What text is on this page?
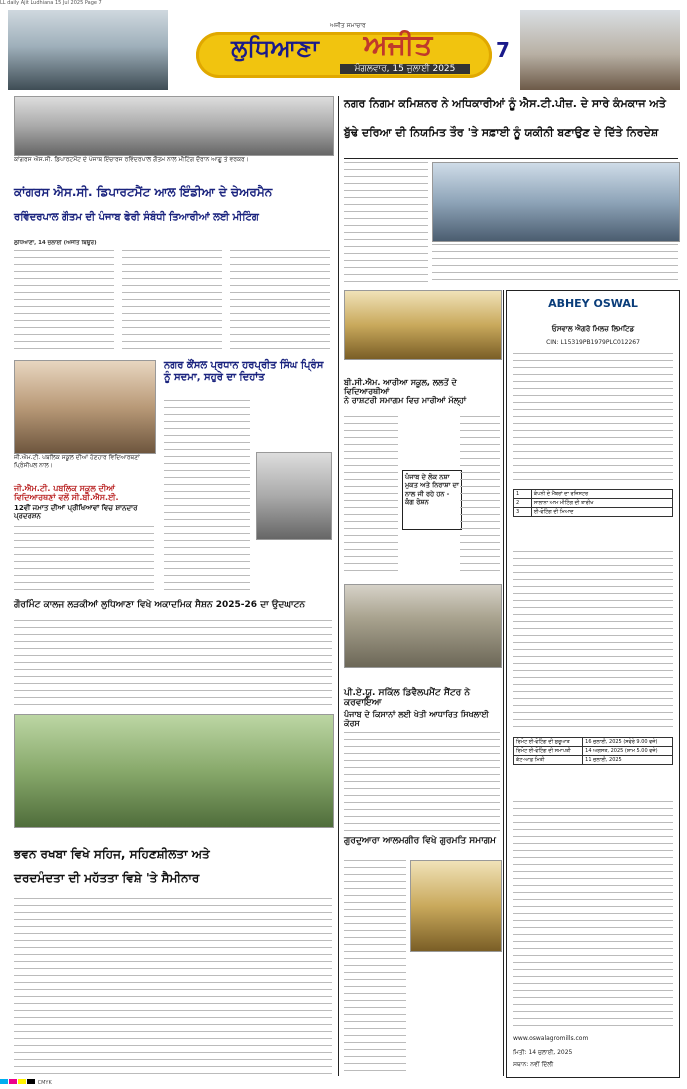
LL daily Ajit Ludhiana 15 Jul 2025 Page 7
ਅਜੀਤ ਸਮਾਚਾਰ
ਲੁਧਿਆਣਾ	ਅਜੀਤ
ਮੰਗਲਵਾਰ, 15 ਜੁਲਾਈ 2025
7
ਕਾਂਗਰਸ ਐਸ.ਸੀ. ਡਿਪਾਰਟਮੈਂਟ ਦੇ ਪੰਜਾਬ ਇੰਚਾਰਜ ਰਵਿੰਦਰਪਾਲ ਗੌਤਮ ਨਾਲ ਮੀਟਿੰਗ ਦੌਰਾਨ ਆਗੂ ਤੇ ਵਰਕਰ।
ਨਗਰ ਨਿਗਮ ਕਮਿਸ਼ਨਰ ਨੇ ਅਧਿਕਾਰੀਆਂ ਨੂੰ ਐਸ.ਟੀ.ਪੀਜ਼. ਦੇ ਸਾਰੇ ਕੰਮਕਾਜ ਅਤੇ
ਬੁੱਢੇ ਦਰਿਆ ਦੀ ਨਿਯਮਿਤ ਤੌਰ 'ਤੇ ਸਫ਼ਾਈ ਨੂੰ ਯਕੀਨੀ ਬਣਾਉਣ ਦੇ ਦਿੱਤੇ ਨਿਰਦੇਸ਼
ਕਾਂਗਰਸ ਐਸ.ਸੀ. ਡਿਪਾਰਟਮੈਂਟ ਆਲ ਇੰਡੀਆ ਦੇ ਚੇਅਰਮੈਨ
ਰਵਿੰਦਰਪਾਲ ਗੌਤਮ ਦੀ ਪੰਜਾਬ ਫੇਰੀ ਸੰਬੰਧੀ ਤਿਆਰੀਆਂ ਲਈ ਮੀਟਿੰਗ
ਲੁਧਿਆਣਾ, 14 ਜੁਲਾਈ (ਅਜੀਤ ਬਿਊਰੋ)
ਜੀ.ਐਮ.ਟੀ. ਪਬਲਿਕ ਸਕੂਲ ਦੀਆਂ ਹੋਣਹਾਰ ਵਿਦਿਆਰਥਣਾਂ ਪ੍ਰਿੰਸੀਪਲ ਨਾਲ।
ਜੀ.ਐਮ.ਟੀ. ਪਬਲਿਕ ਸਕੂਲ ਦੀਆਂ ਵਿਦਿਆਰਥਣਾਂ ਵਲੋਂ ਸੀ.ਬੀ.ਐਸ.ਈ.
12ਵੀਂ ਜਮਾਤ ਦੀਆਂ ਪ੍ਰੀਖਿਆਵਾਂ ਵਿਚ ਸ਼ਾਨਦਾਰ ਪ੍ਰਦਰਸ਼ਨ
ਨਗਰ ਕੌਂਸਲ ਪ੍ਰਧਾਨ ਹਰਪ੍ਰੀਤ ਸਿੰਘ ਪ੍ਰਿੰਸ ਨੂੰ ਸਦਮਾ, ਸਹੁਰੇ ਦਾ ਦਿਹਾਂਤ
ਗੌਰਮਿੰਟ ਕਾਲਜ ਲੜਕੀਆਂ ਲੁਧਿਆਣਾ ਵਿਖੇ ਅਕਾਦਮਿਕ ਸੈਸ਼ਨ 2025-26 ਦਾ ਉਦਘਾਟਨ
ਭਵਨ ਰਖਬਾ ਵਿਖੇ ਸਹਿਜ, ਸਹਿਣਸ਼ੀਲਤਾ ਅਤੇ
ਦਰਦਮੰਦਤਾ ਦੀ ਮਹੱਤਤਾ ਵਿਸ਼ੇ 'ਤੇ ਸੈਮੀਨਾਰ
ਬੀ.ਸੀ.ਐਮ. ਆਰੀਆ ਸਕੂਲ, ਲਲਤੋਂ ਦੇ ਵਿਦਿਆਰਥੀਆਂ
ਨੇ ਰਾਸ਼ਟਰੀ ਸਮਾਗਮ ਵਿਚ ਮਾਰੀਆਂ ਮੱਲ੍ਹਾਂ
ਪੰਜਾਬ ਦੇ ਲੋਕ ਨਸ਼ਾ ਮੁਕਤ ਅਤੇ ਨਿਰਾਸ਼ਾ ਦਾ ਨਾਲ ਜੀ ਰਹੇ ਹਨ - ਕੰਗ ਰੋਸ਼ਨ
ਪੀ.ਏ.ਯੂ. ਸਕਿੱਲ ਡਿਵੈਲਪਮੈਂਟ ਸੈਂਟਰ ਨੇ ਕਰਵਾਇਆ
ਪੰਜਾਬ ਦੇ ਕਿਸਾਨਾਂ ਲਈ ਖੇਤੀ ਆਧਾਰਿਤ ਸਿਖਲਾਈ ਕੋਰਸ
ਗੁਰਦੁਆਰਾ ਆਲਮਗੀਰ ਵਿਖੇ ਗੁਰਮਤਿ ਸਮਾਗਮ
ABHEY OSWAL
ਓਸਵਾਲ ਐਗਰੋ ਮਿਲਜ਼ ਲਿਮਟਿਡ
CIN: L15319PB1979PLC012267
1	ਕੰਪਨੀ ਦੇ ਮੈਂਬਰਾਂ ਦਾ ਰਜਿਸਟਰ
2	ਸਾਲਾਨਾ ਆਮ ਮੀਟਿੰਗ ਦੀ ਤਾਰੀਖ
3	ਈ-ਵੋਟਿੰਗ ਦੀ ਮਿਆਦ
ਰਿਮੋਟ ਈ-ਵੋਟਿੰਗ ਦੀ ਸ਼ੁਰੂਆਤ	16 ਜੁਲਾਈ, 2025 (ਸਵੇਰੇ 9.00 ਵਜੇ)
ਰਿਮੋਟ ਈ-ਵੋਟਿੰਗ ਦੀ ਸਮਾਪਤੀ	14 ਅਗਸਤ, 2025 (ਸ਼ਾਮ 5.00 ਵਜੇ)
ਕੱਟ-ਆਫ਼ ਮਿਤੀ	11 ਜੁਲਾਈ, 2025
www.oswalagromills.com
ਮਿਤੀ: 14 ਜੁਲਾਈ, 2025
ਸਥਾਨ: ਨਵੀਂ ਦਿੱਲੀ
CMYK
